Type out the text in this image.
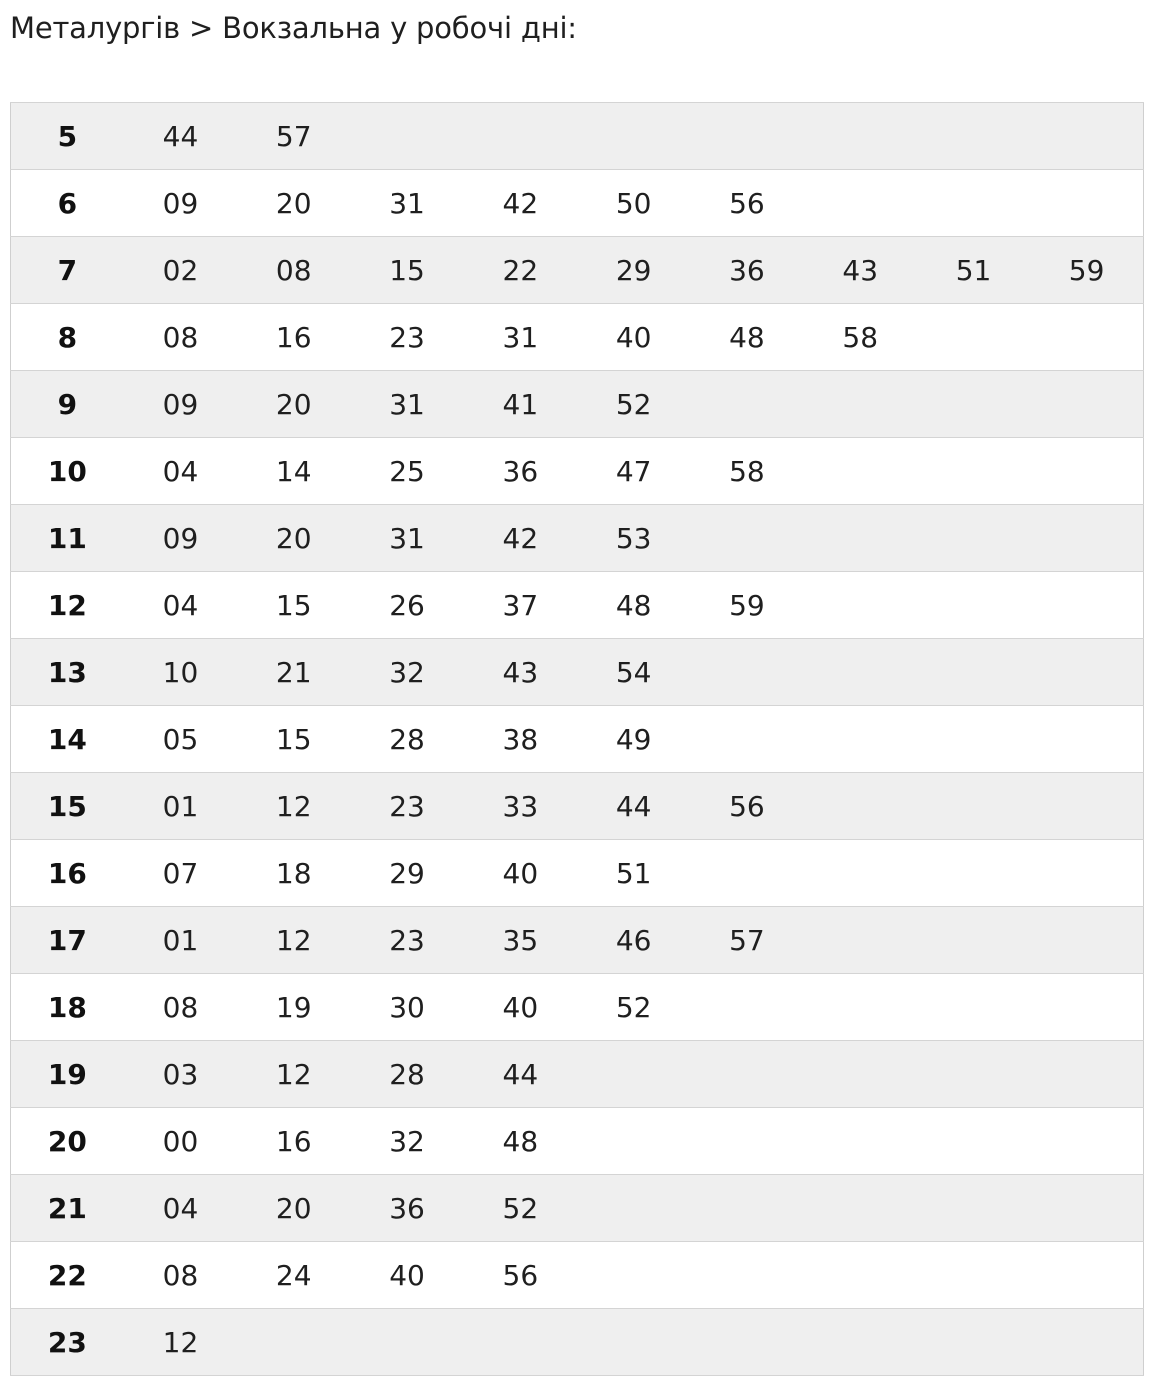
Металургів > Вокзальна у робочі дні:
5	44	57							
6	09	20	31	42	50	56			
7	02	08	15	22	29	36	43	51	59
8	08	16	23	31	40	48	58		
9	09	20	31	41	52				
10	04	14	25	36	47	58			
11	09	20	31	42	53				
12	04	15	26	37	48	59			
13	10	21	32	43	54				
14	05	15	28	38	49				
15	01	12	23	33	44	56			
16	07	18	29	40	51				
17	01	12	23	35	46	57			
18	08	19	30	40	52				
19	03	12	28	44					
20	00	16	32	48					
21	04	20	36	52					
22	08	24	40	56					
23	12								
